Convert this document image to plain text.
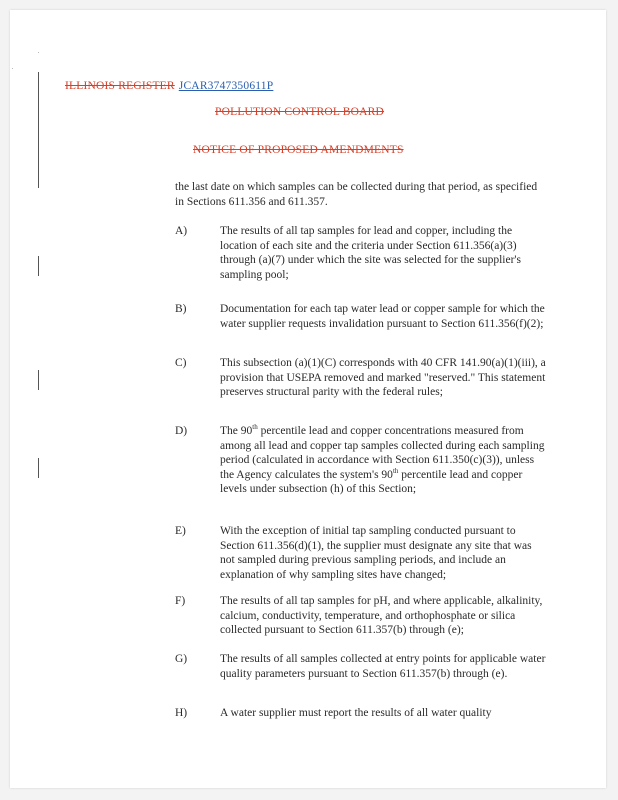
ILLINOIS REGISTER JCAR3747350611P
POLLUTION CONTROL BOARD
NOTICE OF PROPOSED AMENDMENTS
the last date on which samples can be collected during that period, as specified in Sections 611.356 and 611.357.
A)	The results of all tap samples for lead and copper, including the location of each site and the criteria under Section 611.356(a)(3) through (a)(7) under which the site was selected for the supplier's sampling pool;
B)	Documentation for each tap water lead or copper sample for which the water supplier requests invalidation pursuant to Section 611.356(f)(2);
C)	This subsection (a)(1)(C) corresponds with 40 CFR 141.90(a)(1)(iii), a provision that USEPA removed and marked "reserved." This statement preserves structural parity with the federal rules;
D)	The 90th percentile lead and copper concentrations measured from among all lead and copper tap samples collected during each sampling period (calculated in accordance with Section 611.350(c)(3)), unless the Agency calculates the system's 90th percentile lead and copper levels under subsection (h) of this Section;
E)	With the exception of initial tap sampling conducted pursuant to Section 611.356(d)(1), the supplier must designate any site that was not sampled during previous sampling periods, and include an explanation of why sampling sites have changed;
F)	The results of all tap samples for pH, and where applicable, alkalinity, calcium, conductivity, temperature, and orthophosphate or silica collected pursuant to Section 611.357(b) through (e);
G)	The results of all samples collected at entry points for applicable water quality parameters pursuant to Section 611.357(b) through (e).
H)	A water supplier must report the results of all water quality
